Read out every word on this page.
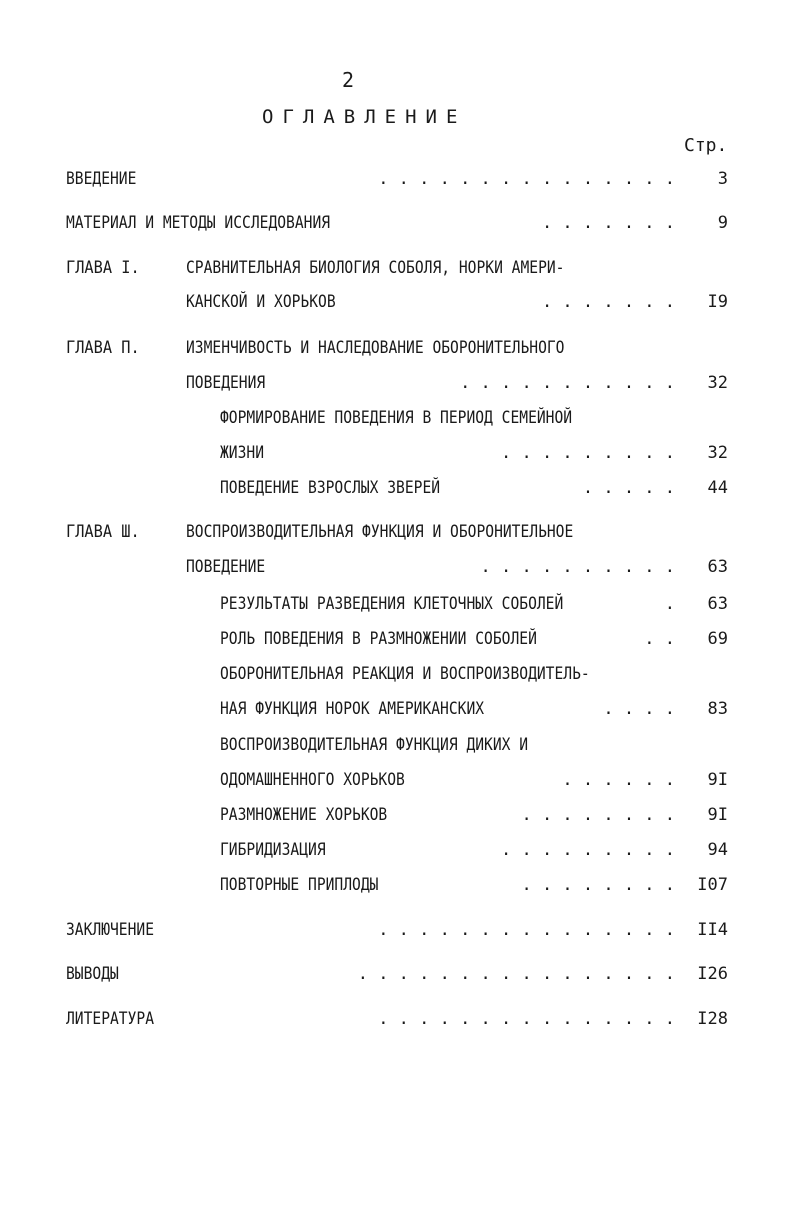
2
ОГЛАВЛЕНИЕ
Стр.
ВВЕДЕНИЕ	. . . . . . . . . . . . . . .	3
МАТЕРИАЛ И МЕТОДЫ ИССЛЕДОВАНИЯ	. . . . . . .	9
ГЛАВА I.	СРАВНИТЕЛЬНАЯ БИОЛОГИЯ СОБОЛЯ, НОРКИ АМЕРИ-
КАНСКОЙ И ХОРЬКОВ	. . . . . . .	I9
ГЛАВА П.	ИЗМЕНЧИВОСТЬ И НАСЛЕДОВАНИЕ ОБОРОНИТЕЛЬНОГО
ПОВЕДЕНИЯ	. . . . . . . . . . .	32
ФОРМИРОВАНИЕ ПОВЕДЕНИЯ В ПЕРИОД СЕМЕЙНОЙ
ЖИЗНИ	. . . . . . . . .	32
ПОВЕДЕНИЕ ВЗРОСЛЫХ ЗВЕРЕЙ	. . . . .	44
ГЛАВА Ш.	ВОСПРОИЗВОДИТЕЛЬНАЯ ФУНКЦИЯ И ОБОРОНИТЕЛЬНОЕ
ПОВЕДЕНИЕ	. . . . . . . . . .	63
РЕЗУЛЬТАТЫ РАЗВЕДЕНИЯ КЛЕТОЧНЫХ СОБОЛЕЙ	.	63
РОЛЬ ПОВЕДЕНИЯ В РАЗМНОЖЕНИИ СОБОЛЕЙ	. .	69
ОБОРОНИТЕЛЬНАЯ РЕАКЦИЯ И ВОСПРОИЗВОДИТЕЛЬ-
НАЯ ФУНКЦИЯ НОРОК АМЕРИКАНСКИХ	. . . .	83
ВОСПРОИЗВОДИТЕЛЬНАЯ ФУНКЦИЯ ДИКИХ И
ОДОМАШНЕННОГО ХОРЬКОВ	. . . . . .	9I
РАЗМНОЖЕНИЕ ХОРЬКОВ	. . . . . . . .	9I
ГИБРИДИЗАЦИЯ	. . . . . . . . .	94
ПОВТОРНЫЕ ПРИПЛОДЫ	. . . . . . . .	I07
ЗАКЛЮЧЕНИЕ	. . . . . . . . . . . . . . .	II4
ВЫВОДЫ	. . . . . . . . . . . . . . . .	I26
ЛИТЕРАТУРА	. . . . . . . . . . . . . . .	I28
